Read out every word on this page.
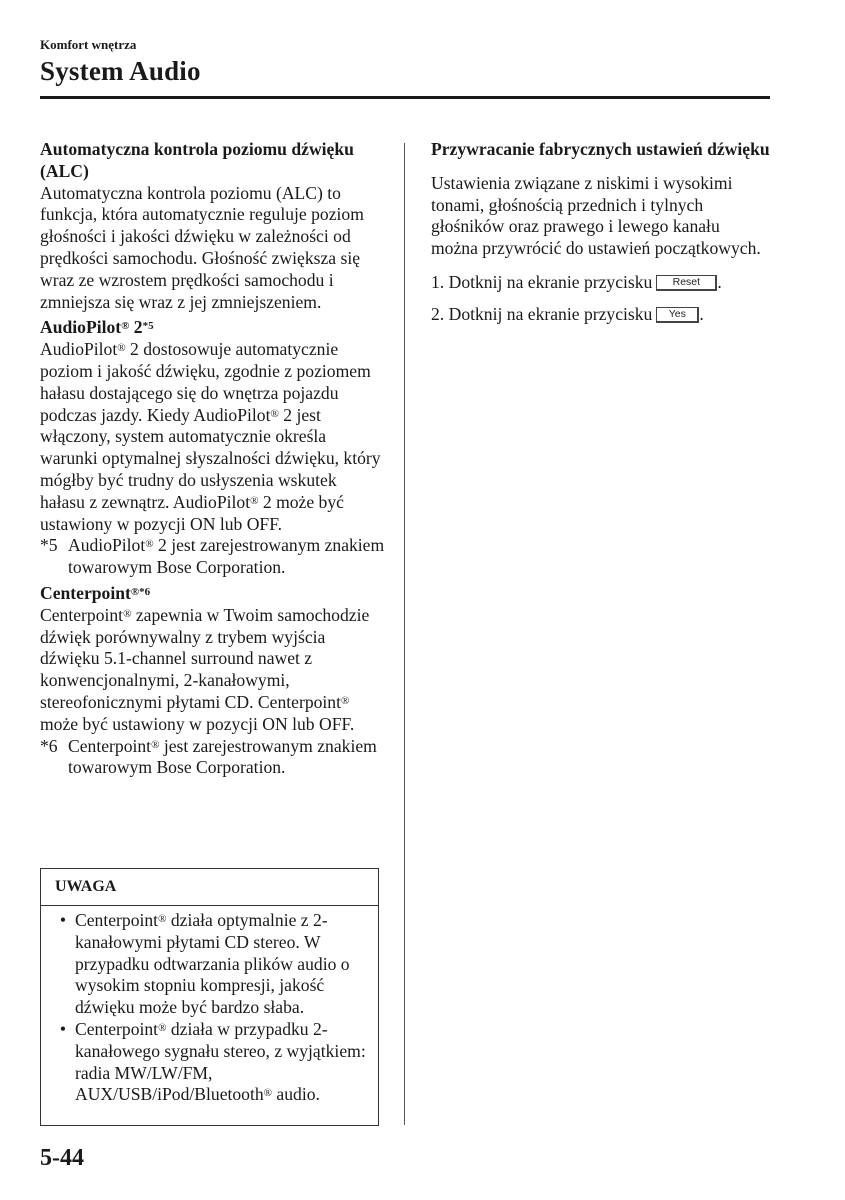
Komfort wnętrza
System Audio

Automatyczna kontrola poziomu dźwięku (ALC)

Automatyczna kontrola poziomu (ALC) to funkcja, która automatycznie reguluje poziom głośności i jakości dźwięku w zależności od prędkości samochodu. Głośność zwiększa się wraz ze wzrostem prędkości samochodu i zmniejsza się wraz z jej zmniejszeniem.

AudioPilot® 2$^{*5}$

AudioPilot® 2 dostosowuje automatycznie poziom i jakość dźwięku, zgodnie z poziomem hałasu dostającego się do wnętrza pojazdu podczas jazdy. Kiedy AudioPilot® 2 jest włączony, system automatycznie określa warunki optymalnej słyszalności dźwięku, który mógłby być trudny do usłyszenia wskutek hałasu z zewnątrz. AudioPilot® 2 może być ustawiony w pozycji ON lub OFF.

*5 AudioPilot® 2 jest zarejestrowanym znakiem towarowym Bose Corporation.

Centerpoint$^{®*6}$

Centerpoint® zapewnia w Twoim samochodzie dźwięk porównywalny z trybem wyjścia dźwięku 5.1-channel surround nawet z konwencjonalnymi, 2-kanałowymi, stereofonicznymi płytami CD. Centerpoint® może być ustawiony w pozycji ON lub OFF.

*6 Centerpoint® jest zarejestrowanym znakiem towarowym Bose Corporation.
UWAGA
• Centerpoint® działa optymalnie z 2-kanałowymi płytami CD stereo. W przypadku odtwarzania plików audio o wysokim stopniu kompresji, jakość dźwięku może być bardzo słaba.
• Centerpoint® działa w przypadku 2-kanałowego sygnału stereo, z wyjątkiem: radia MW/LW/FM, AUX/USB/iPod/Bluetooth® audio.

Przywracanie fabrycznych ustawień dźwięku

Ustawienia związane z niskimi i wysokimi tonami, głośnością przednich i tylnych głośników oraz prawego i lewego kanału można przywrócić do ustawień początkowych.

1.
Dotknij na ekranie przycisku	Reset .
2.
Dotknij na ekranie przycisku	Yes .
5-44
